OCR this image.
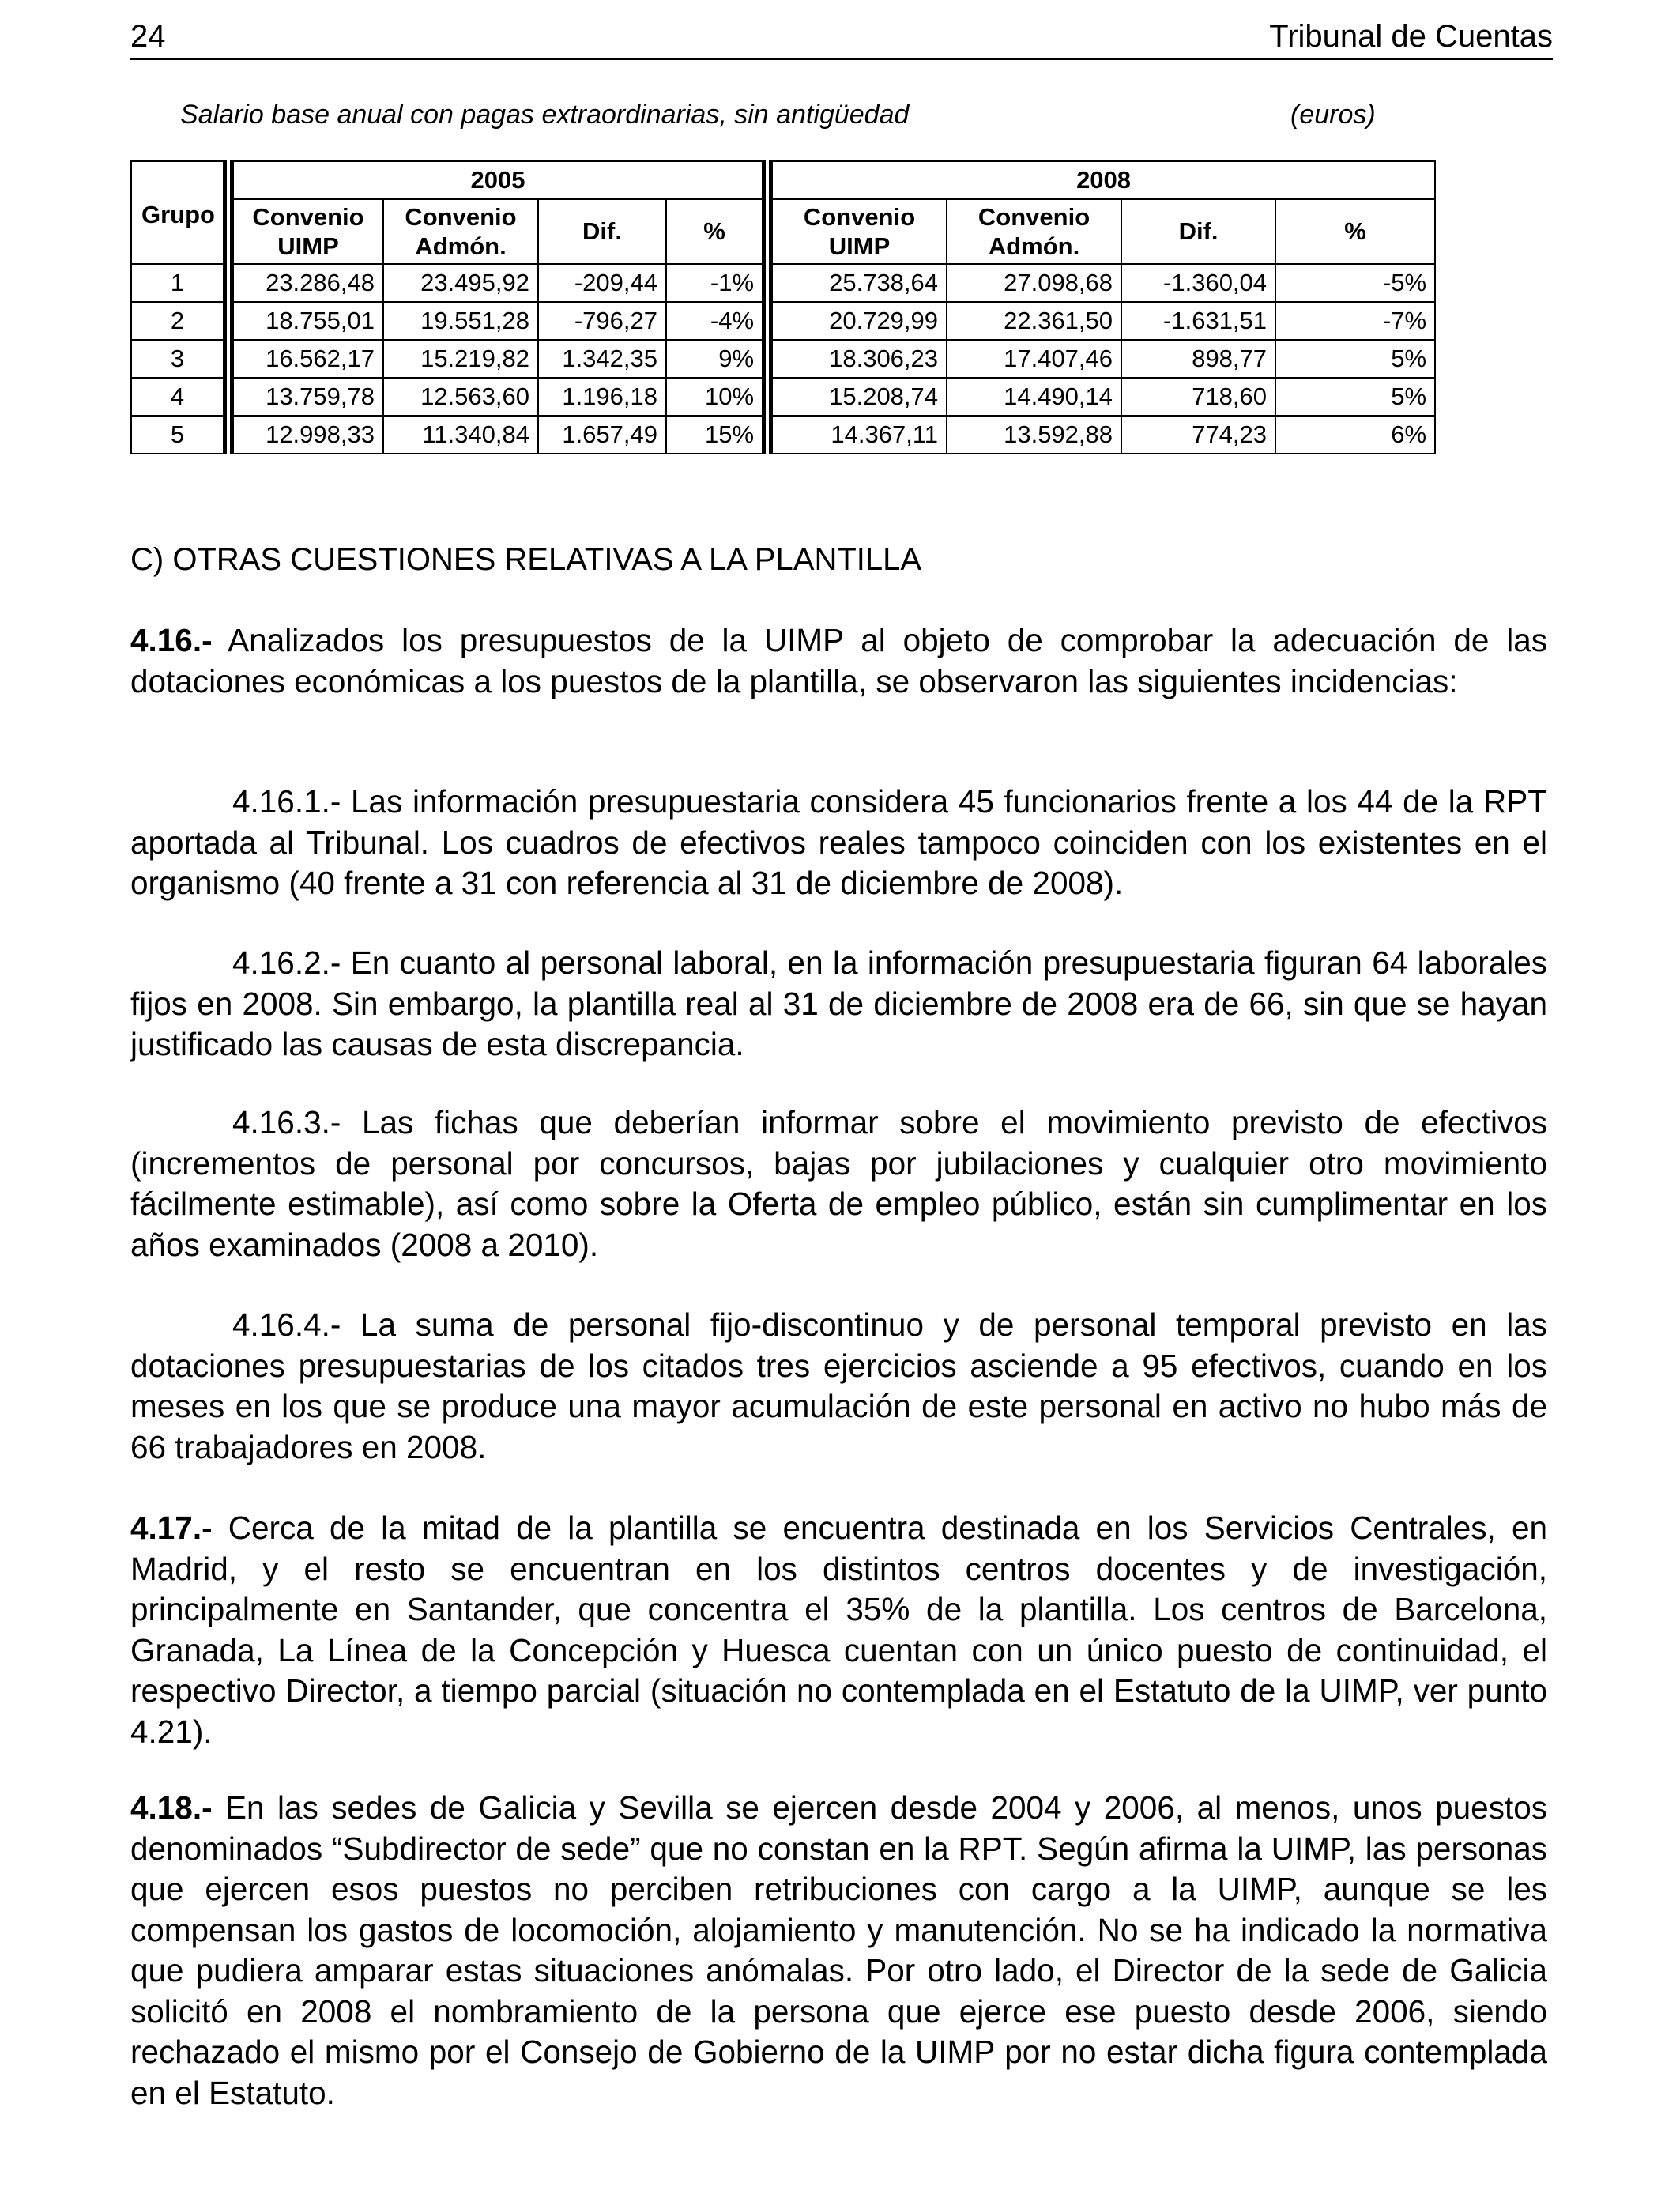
24	Tribunal de Cuentas
Salario base anual con pagas extraordinarias, sin antigüedad	(euros)
Grupo	2005				2008			
	Convenio UIMP	Convenio Admón.	Dif.	%	Convenio UIMP	Convenio Admón.	Dif.	%
1	23.286,48	23.495,92	-209,44	-1%	25.738,64	27.098,68	-1.360,04	-5%
2	18.755,01	19.551,28	-796,27	-4%	20.729,99	22.361,50	-1.631,51	-7%
3	16.562,17	15.219,82	1.342,35	9%	18.306,23	17.407,46	898,77	5%
4	13.759,78	12.563,60	1.196,18	10%	15.208,74	14.490,14	718,60	5%
5	12.998,33	11.340,84	1.657,49	15%	14.367,11	13.592,88	774,23	6%
C) OTRAS CUESTIONES RELATIVAS A LA PLANTILLA
4.16.- Analizados los presupuestos de la UIMP al objeto de comprobar la adecuación de las dotaciones económicas a los puestos de la plantilla, se observaron las siguientes incidencias:
4.16.1.- Las información presupuestaria considera 45 funcionarios frente a los 44 de la RPT aportada al Tribunal. Los cuadros de efectivos reales tampoco coinciden con los existentes en el organismo (40 frente a 31 con referencia al 31 de diciembre de 2008).
4.16.2.- En cuanto al personal laboral, en la información presupuestaria figuran 64 laborales fijos en 2008. Sin embargo, la plantilla real al 31 de diciembre de 2008 era de 66, sin que se hayan justificado las causas de esta discrepancia.
4.16.3.- Las fichas que deberían informar sobre el movimiento previsto de efectivos (incrementos de personal por concursos, bajas por jubilaciones y cualquier otro movimiento fácilmente estimable), así como sobre la Oferta de empleo público, están sin cumplimentar en los años examinados (2008 a 2010).
4.16.4.- La suma de personal fijo-discontinuo y de personal temporal previsto en las dotaciones presupuestarias de los citados tres ejercicios asciende a 95 efectivos, cuando en los meses en los que se produce una mayor acumulación de este personal en activo no hubo más de 66 trabajadores en 2008.
4.17.- Cerca de la mitad de la plantilla se encuentra destinada en los Servicios Centrales, en Madrid, y el resto se encuentran en los distintos centros docentes y de investigación, principalmente en Santander, que concentra el 35% de la plantilla. Los centros de Barcelona, Granada, La Línea de la Concepción y Huesca cuentan con un único puesto de continuidad, el respectivo Director, a tiempo parcial (situación no contemplada en el Estatuto de la UIMP, ver punto 4.21).
4.18.- En las sedes de Galicia y Sevilla se ejercen desde 2004 y 2006, al menos, unos puestos denominados “Subdirector de sede” que no constan en la RPT. Según afirma la UIMP, las personas que ejercen esos puestos no perciben retribuciones con cargo a la UIMP, aunque se les compensan los gastos de locomoción, alojamiento y manutención. No se ha indicado la normativa que pudiera amparar estas situaciones anómalas. Por otro lado, el Director de la sede de Galicia solicitó en 2008 el nombramiento de la persona que ejerce ese puesto desde 2006, siendo rechazado el mismo por el Consejo de Gobierno de la UIMP por no estar dicha figura contemplada en el Estatuto.
